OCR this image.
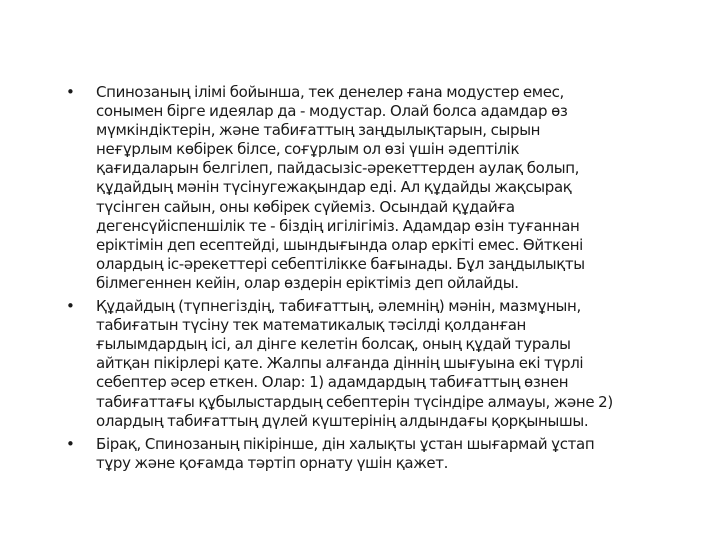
•	Спинозаның ілімі бойынша, тек денелер ғана модустер емес,
сонымен бірге идеялар да - модустар. Олай болса адамдар өз
мүмкіндіктерін, және табиғаттың заңдылықтарын, сырын
неғұрлым көбірек білсе, соғұрлым ол өзі үшін әдептілік
қағидаларын белгілеп, пайдасызіс-әрекеттерден аулақ болып,
құдайдың мәнін түсінугежақындар еді. Ал құдайды жақсырақ
түсінген сайын, оны көбірек сүйеміз. Осындай құдайға
дегенсүйіспеншілік те - біздің игілігіміз. Адамдар өзін туғаннан
еріктімін деп есептейді, шындығында олар еркіті емес. Өйткені
олардың іс-әрекеттері себептілікке бағынады. Бұл заңдылықты
білмегеннен кейін, олар өздерін еріктіміз деп ойлайды.
•	Құдайдың (түпнегіздің, табиғаттың, әлемнің) мәнін, мазмұнын,
табиғатын түсіну тек математикалық тәсілді қолданған
ғылымдардың ісі, ал дінге келетін болсақ, оның құдай туралы
айтқан пікірлері қате. Жалпы алғанда діннің шығуына екі түрлі
себептер әсер еткен. Олар: 1) адамдардың табиғаттың өзнен
табиғаттағы құбылыстардың себептерін түсіндіре алмауы, және 2)
олардың табиғаттың дүлей күштерінің алдындағы қорқынышы.
•	Бірақ, Спинозаның пікірінше, дін халықты ұстан шығармай ұстап
тұру және қоғамда тәртіп орнату үшін қажет.
